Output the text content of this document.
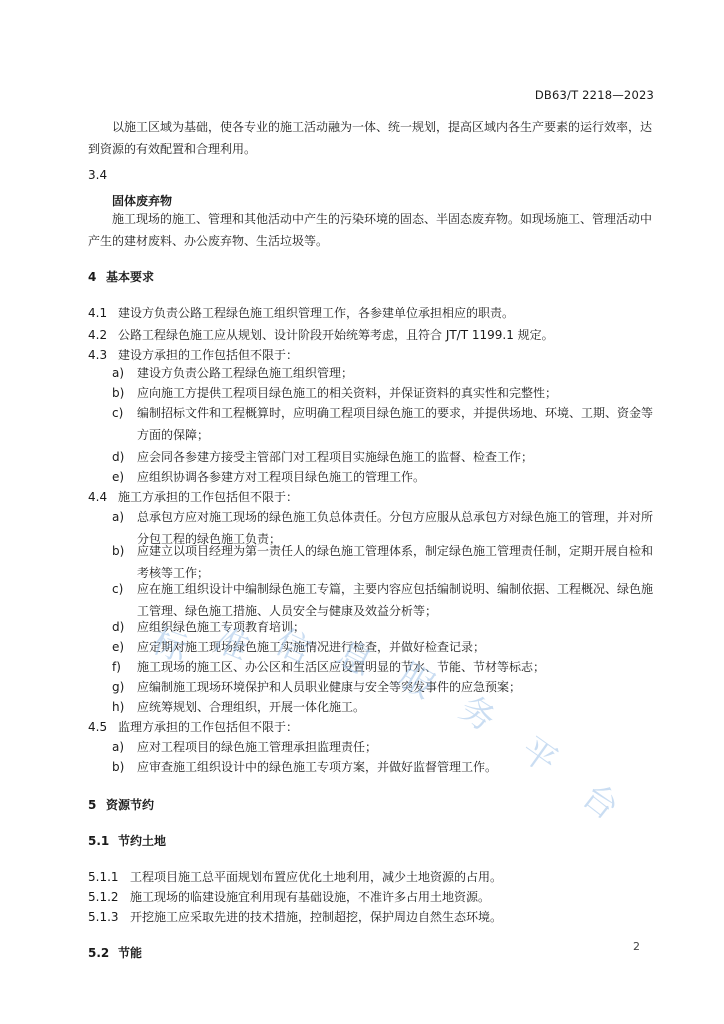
DB63/T 2218—2023

以施工区域为基础，使各专业的施工活动融为一体、统一规划，提高区域内各生产要素的运行效率，达到资源的有效配置和合理利用。

3.4
固体废弃物

施工现场的施工、管理和其他活动中产生的污染环境的固态、半固态废弃物。如现场施工、管理活动中产生的建材废料、办公废弃物、生活垃圾等。

4 基本要求
4.1 建设方负责公路工程绿色施工组织管理工作，各参建单位承担相应的职责。
4.2 公路工程绿色施工应从规划、设计阶段开始统筹考虑，且符合 JT/T 1199.1 规定。
4.3 建设方承担的工作包括但不限于：
a) 建设方负责公路工程绿色施工组织管理；
b) 应向施工方提供工程项目绿色施工的相关资料，并保证资料的真实性和完整性；
c) 编制招标文件和工程概算时，应明确工程项目绿色施工的要求，并提供场地、环境、工期、资金等方面的保障；
d) 应会同各参建方接受主管部门对工程项目实施绿色施工的监督、检查工作；
e) 应组织协调各参建方对工程项目绿色施工的管理工作。
4.4 施工方承担的工作包括但不限于：
a) 总承包方应对施工现场的绿色施工负总体责任。分包方应服从总承包方对绿色施工的管理，并对所分包工程的绿色施工负责；
b) 应建立以项目经理为第一责任人的绿色施工管理体系，制定绿色施工管理责任制，定期开展自检和考核等工作；
c) 应在施工组织设计中编制绿色施工专篇，主要内容应包括编制说明、编制依据、工程概况、绿色施工管理、绿色施工措施、人员安全与健康及效益分析等；
d) 应组织绿色施工专项教育培训；
e) 应定期对施工现场绿色施工实施情况进行检查，并做好检查记录；
f) 施工现场的施工区、办公区和生活区应设置明显的节水、节能、节材等标志；
g) 应编制施工现场环境保护和人员职业健康与安全等突发事件的应急预案；
h) 应统筹规划、合理组织，开展一体化施工。
4.5 监理方承担的工作包括但不限于：
a) 应对工程项目的绿色施工管理承担监理责任；
b) 应审查施工组织设计中的绿色施工专项方案，并做好监督管理工作。
5 资源节约
5.1 节约土地
5.1.1 工程项目施工总平面规划布置应优化土地利用，减少土地资源的占用。
5.1.2 施工现场的临建设施宜利用现有基础设施，不准许多占用土地资源。
5.1.3 开挖施工应采取先进的技术措施，控制超挖，保护周边自然生态环境。
5.2 节能	2
标 准 信 息 服
务
平
台
